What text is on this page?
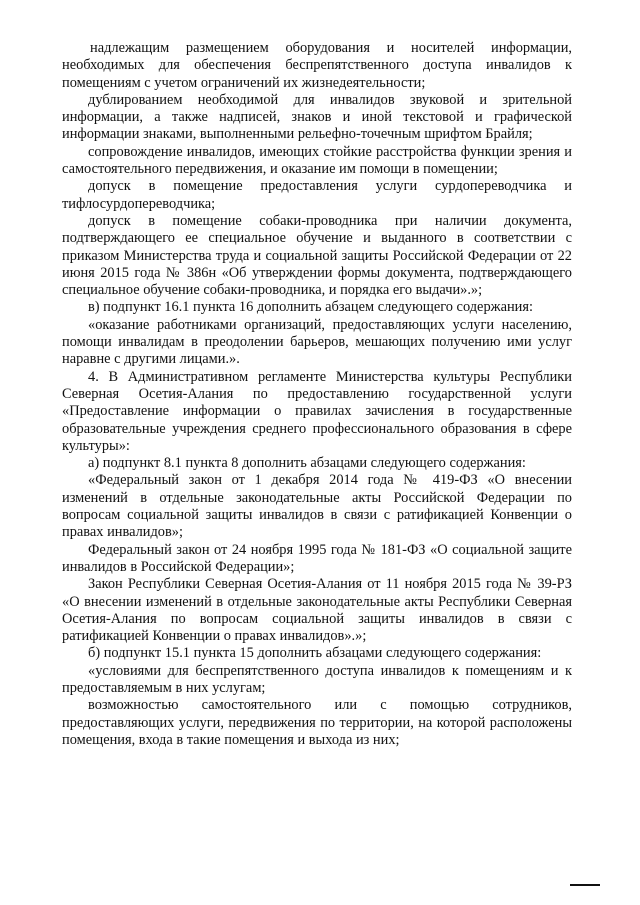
надлежащим размещением оборудования и носителей информации, необходимых для обеспечения беспрепятственного доступа инвалидов к помещениям с учетом ограничений их жизнедеятельности;

дублированием необходимой для инвалидов звуковой и зрительной информации, а также надписей, знаков и иной текстовой и графической информации знаками, выполненными рельефно-точечным шрифтом Брайля;

сопровождение инвалидов, имеющих стойкие расстройства функции зрения и самостоятельного передвижения, и оказание им помощи в помещении;

допуск в помещение предоставления услуги сурдопереводчика и тифлосурдопереводчика;

допуск в помещение собаки-проводника при наличии документа, подтверждающего ее специальное обучение и выданного в соответствии с приказом Министерства труда и социальной защиты Российской Федерации от 22 июня 2015 года № 386н «Об утверждении формы документа, подтверждающего специальное обучение собаки-проводника, и порядка его выдачи».»;

в) подпункт 16.1 пункта 16 дополнить абзацем следующего содержания:

«оказание работниками организаций, предоставляющих услуги населению, помощи инвалидам в преодолении барьеров, мешающих получению ими услуг наравне с другими лицами.».

4. В Административном регламенте Министерства культуры Республики Северная Осетия-Алания по предоставлению государственной услуги «Предоставление информации о правилах зачисления в государственные образовательные учреждения среднего профессионального образования в сфере культуры»:

а) подпункт 8.1 пункта 8 дополнить абзацами следующего содержания:

«Федеральный закон от 1 декабря 2014 года № 419-ФЗ «О внесении изменений в отдельные законодательные акты Российской Федерации по вопросам социальной защиты инвалидов в связи с ратификацией Конвенции о правах инвалидов»;

Федеральный закон от 24 ноября 1995 года № 181-ФЗ «О социальной защите инвалидов в Российской Федерации»;

Закон Республики Северная Осетия-Алания от 11 ноября 2015 года № 39-РЗ «О внесении изменений в отдельные законодательные акты Республики Северная Осетия-Алания по вопросам социальной защиты инвалидов в связи с ратификацией Конвенции о правах инвалидов».»;

б) подпункт 15.1 пункта 15 дополнить абзацами следующего содержания:

«условиями для беспрепятственного доступа инвалидов к помещениям и к предоставляемым в них услугам;

возможностью самостоятельного или с помощью сотрудников, предоставляющих услуги, передвижения по территории, на которой расположены помещения, входа в такие помещения и выхода из них;
